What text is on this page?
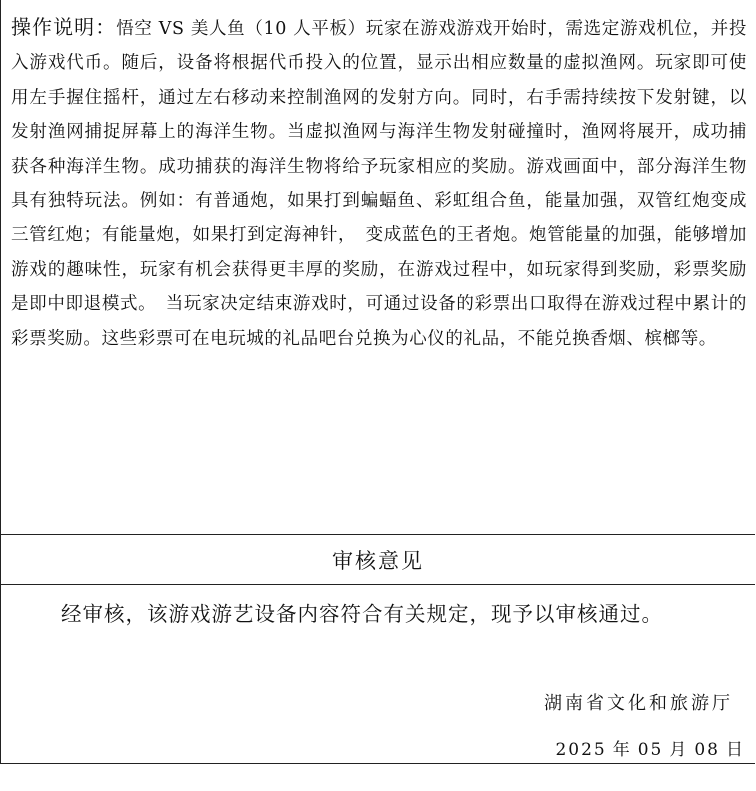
操作说明：悟空 VS 美人鱼（10 人平板）玩家在游戏游戏开始时，需选定游戏机位，并投入游戏代币。随后，设备将根据代币投入的位置，显示出相应数量的虚拟渔网。玩家即可使用左手握住摇杆，通过左右移动来控制渔网的发射方向。同时，右手需持续按下发射键，以发射渔网捕捉屏幕上的海洋生物。当虚拟渔网与海洋生物发射碰撞时，渔网将展开，成功捕获各种海洋生物。成功捕获的海洋生物将给予玩家相应的奖励。游戏画面中，部分海洋生物具有独特玩法。例如：有普通炮，如果打到蝙蝠鱼、彩虹组合鱼，能量加强，双管红炮变成三管红炮；有能量炮，如果打到定海神针，　变成蓝色的王者炮。炮管能量的加强，能够增加游戏的趣味性，玩家有机会获得更丰厚的奖励，在游戏过程中，如玩家得到奖励，彩票奖励是即中即退模式。　当玩家决定结束游戏时，可通过设备的彩票出口取得在游戏过程中累计的彩票奖励。这些彩票可在电玩城的礼品吧台兑换为心仪的礼品，不能兑换香烟、槟榔等。

审核意见
经审核，该游戏游艺设备内容符合有关规定，现予以审核通过。
湖南省文化和旅游厅
2025 年 05 月 08 日
